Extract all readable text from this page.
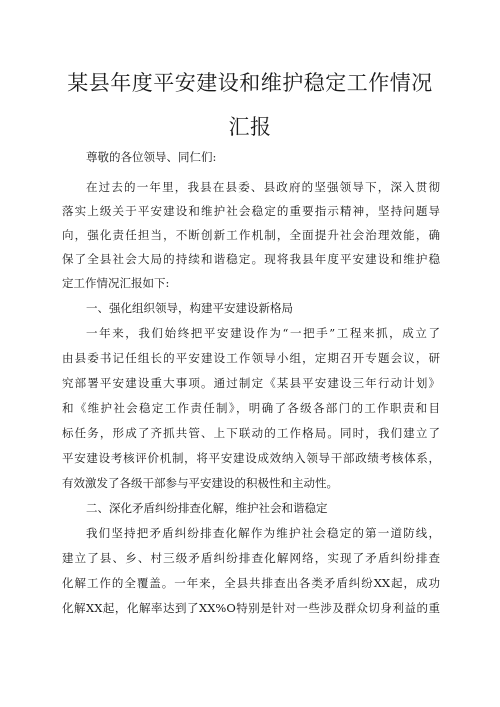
某县年度平安建设和维护稳定工作情况
汇报
尊敬的各位领导、同仁们:
在过去的一年里，我县在县委、县政府的坚强领导下，深入贯彻
落实上级关于平安建设和维护社会稳定的重要指示精神，坚持问题导
向，强化责任担当，不断创新工作机制，全面提升社会治理效能，确
保了全县社会大局的持续和谐稳定。现将我县年度平安建设和维护稳
定工作情况汇报如下:
一、强化组织领导，构建平安建设新格局
一年来，我们始终把平安建设作为“一把手”工程来抓，成立了
由县委书记任组长的平安建设工作领导小组，定期召开专题会议，研
究部署平安建设重大事项。通过制定《某县平安建设三年行动计划》
和《维护社会稳定工作责任制》，明确了各级各部门的工作职责和目
标任务，形成了齐抓共管、上下联动的工作格局。同时，我们建立了
平安建设考核评价机制，将平安建设成效纳入领导干部政绩考核体系，
有效激发了各级干部参与平安建设的积极性和主动性。
二、深化矛盾纠纷排查化解，维护社会和谐稳定
我们坚持把矛盾纠纷排查化解作为维护社会稳定的第一道防线，
建立了县、乡、村三级矛盾纠纷排查化解网络，实现了矛盾纠纷排查
化解工作的全覆盖。一年来，全县共排查出各类矛盾纠纷XX起，成功
化解XX起，化解率达到了XX%O特别是针对一些涉及群众切身利益的重
